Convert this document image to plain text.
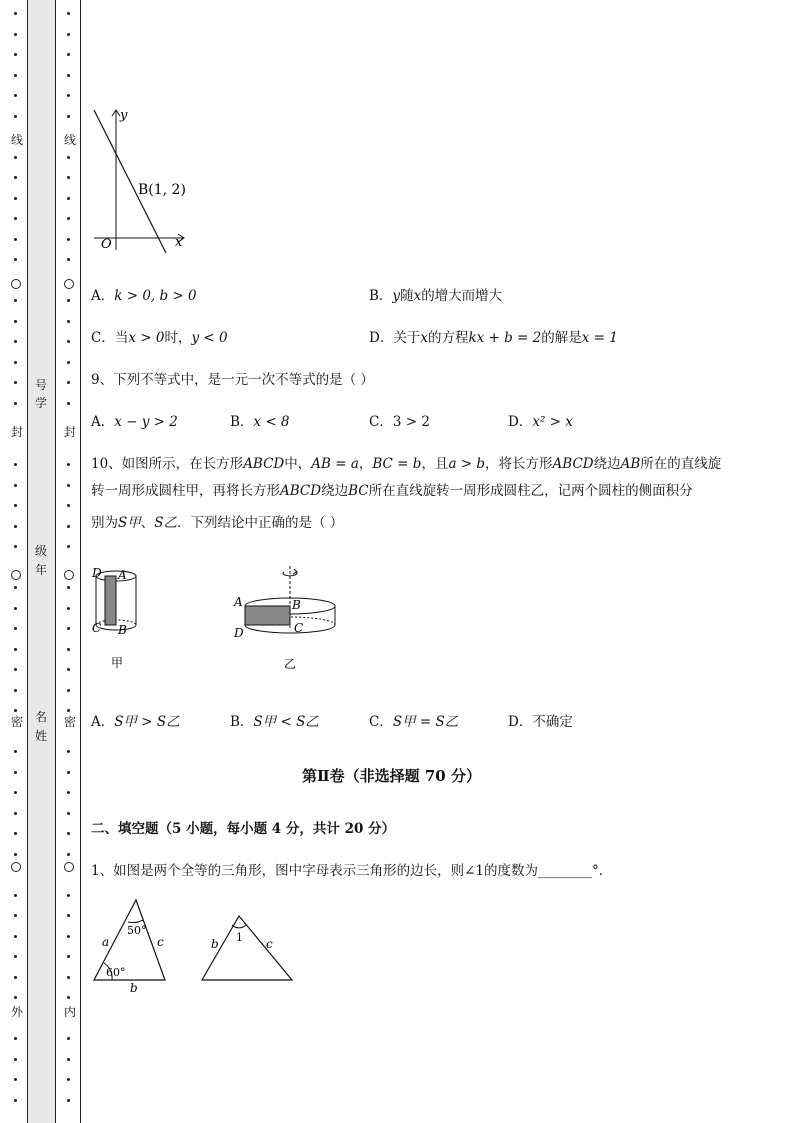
线
封
密
外
线
封
密
内
号
学
级
年
名
姓
y
x
O
B(1, 2)
A．k > 0, b > 0	B．y随x的增大而增大
C．当x > 0时，y < 0	D．关于x的方程kx + b = 2的解是x = 1
9、下列不等式中，是一元一次不等式的是（ ）
A．x − y > 2	B．x < 8	C．3 > 2	D．x² > x
10、如图所示，在长方形ABCD中，AB = a，BC = b，且a > b，将长方形ABCD绕边AB所在的直线旋
转一周形成圆柱甲，再将长方形ABCD绕边BC所在直线旋转一周形成圆柱乙，记两个圆柱的侧面积分
别为S甲、S乙．下列结论中正确的是（ ）
D A
C B
甲
A	B
D	C
乙
A．S甲 > S乙	B．S甲 < S乙	C．S甲 = S乙	D．不确定
第Ⅱ卷（非选择题 70 分）
二、填空题（5 小题，每小题 4 分，共计 20 分）
1、如图是两个全等的三角形，图中字母表示三角形的边长，则∠1的度数为________°．
a	c
b
50°
60°
b	c
1
